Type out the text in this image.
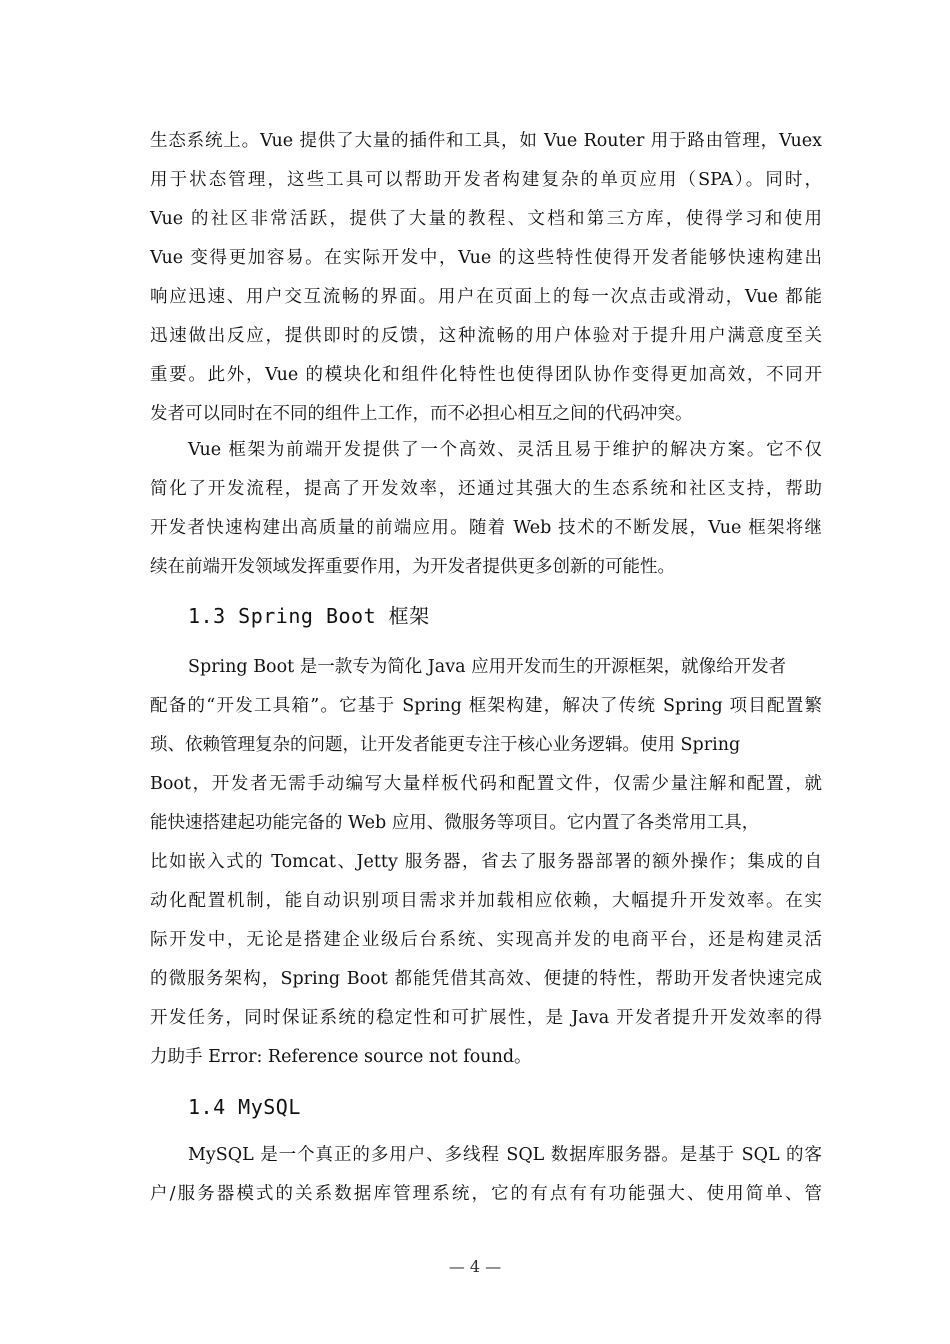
生态系统上。Vue 提供了大量的插件和工具，如 Vue Router 用于路由管理，Vuex
用于状态管理，这些工具可以帮助开发者构建复杂的单页应用（SPA）。同时，
Vue 的社区非常活跃，提供了大量的教程、文档和第三方库，使得学习和使用
Vue 变得更加容易。在实际开发中，Vue 的这些特性使得开发者能够快速构建出
响应迅速、用户交互流畅的界面。用户在页面上的每一次点击或滑动，Vue 都能
迅速做出反应，提供即时的反馈，这种流畅的用户体验对于提升用户满意度至关
重要。此外，Vue 的模块化和组件化特性也使得团队协作变得更加高效，不同开
发者可以同时在不同的组件上工作，而不必担心相互之间的代码冲突。
Vue 框架为前端开发提供了一个高效、灵活且易于维护的解决方案。它不仅
简化了开发流程，提高了开发效率，还通过其强大的生态系统和社区支持，帮助
开发者快速构建出高质量的前端应用。随着 Web 技术的不断发展，Vue 框架将继
续在前端开发领域发挥重要作用，为开发者提供更多创新的可能性。
1.3 Spring Boot 框架
Spring Boot 是一款专为简化 Java 应用开发而生的开源框架，就像给开发者
配备的“开发工具箱”。它基于 Spring 框架构建，解决了传统 Spring 项目配置繁
琐、依赖管理复杂的问题，让开发者能更专注于核心业务逻辑。使用 Spring
Boot，开发者无需手动编写大量样板代码和配置文件，仅需少量注解和配置，就
能快速搭建起功能完备的 Web 应用、微服务等项目。它内置了各类常用工具，
比如嵌入式的 Tomcat、Jetty 服务器，省去了服务器部署的额外操作；集成的自
动化配置机制，能自动识别项目需求并加载相应依赖，大幅提升开发效率。在实
际开发中，无论是搭建企业级后台系统、实现高并发的电商平台，还是构建灵活
的微服务架构，Spring Boot 都能凭借其高效、便捷的特性，帮助开发者快速完成
开发任务，同时保证系统的稳定性和可扩展性，是 Java 开发者提升开发效率的得
力助手 Error: Reference source not found。
1.4 MySQL
MySQL 是一个真正的多用户、多线程 SQL 数据库服务器。是基于 SQL 的客
户/服务器模式的关系数据库管理系统，它的有点有有功能强大、使用简单、管
— 4 —
